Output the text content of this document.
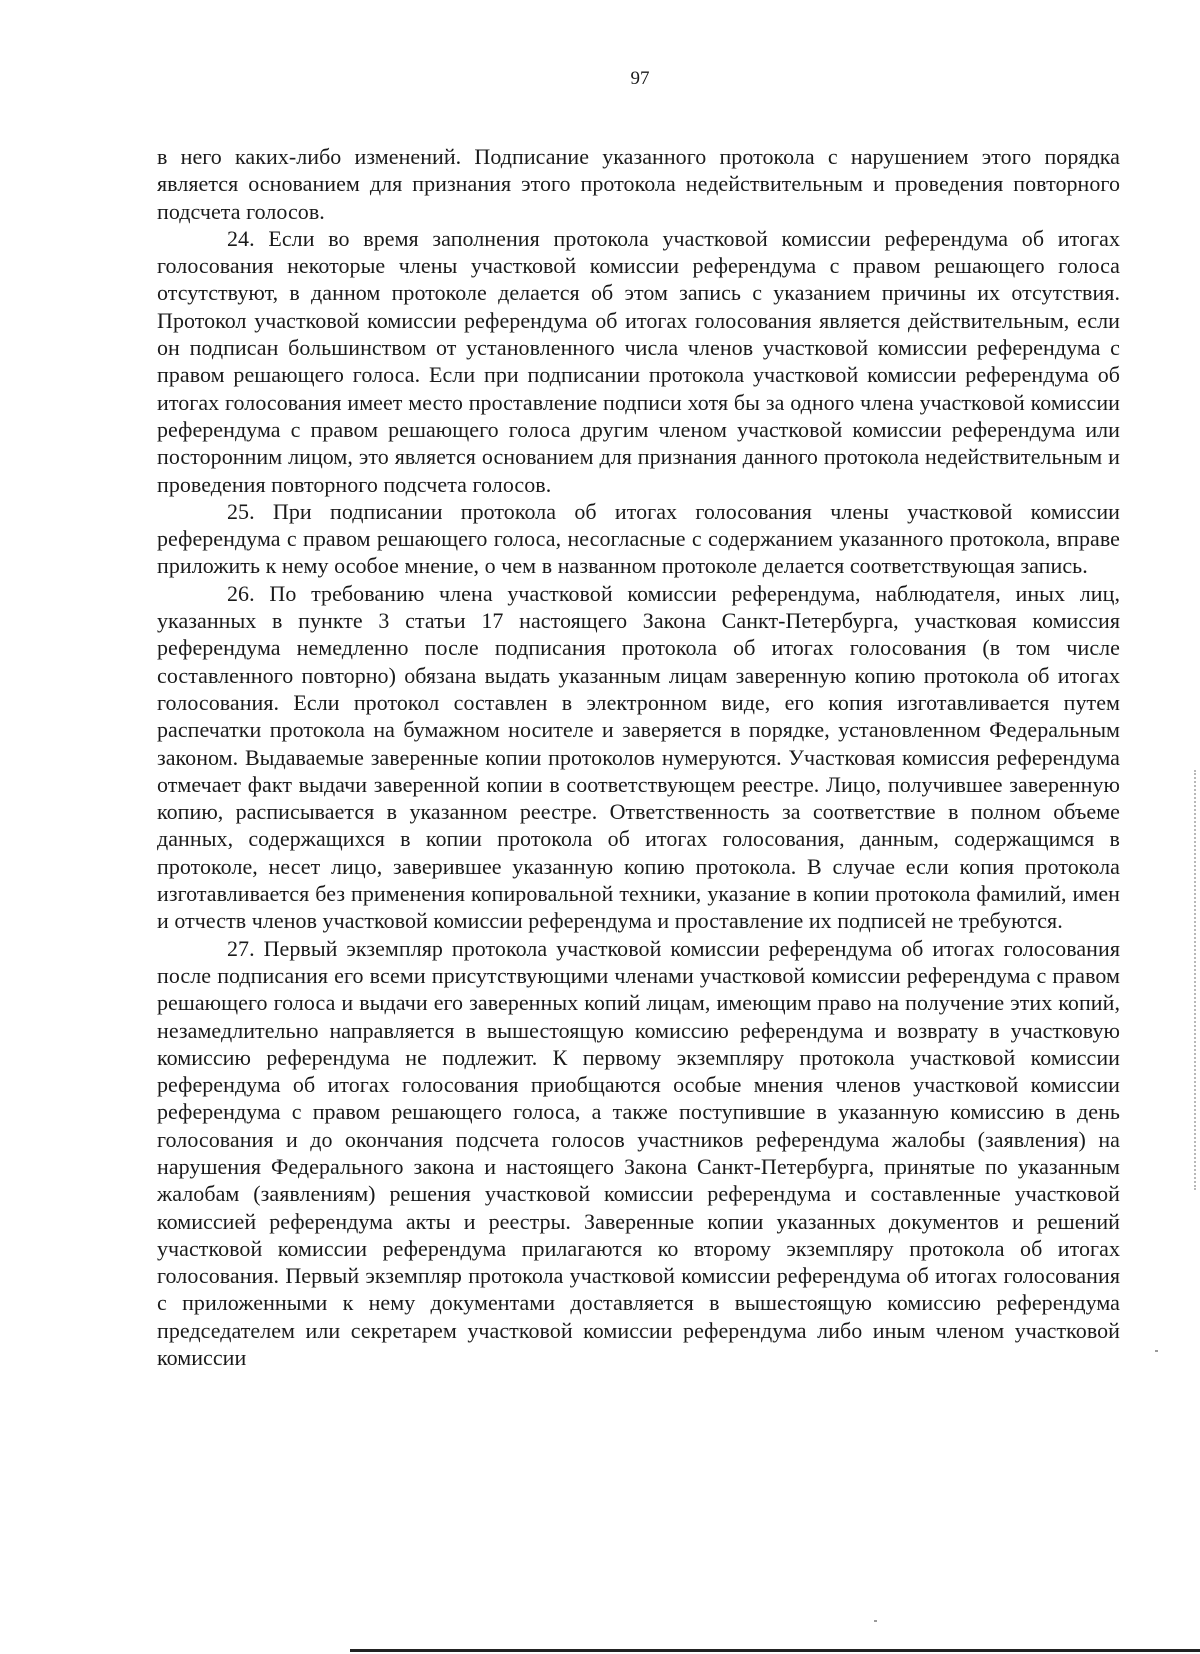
97

в него каких-либо изменений. Подписание указанного протокола с нарушением этого порядка является основанием для признания этого протокола недействительным и проведения повторного подсчета голосов.

24. Если во время заполнения протокола участковой комиссии референдума об итогах голосования некоторые члены участковой комиссии референдума с правом решающего голоса отсутствуют, в данном протоколе делается об этом запись с указанием причины их отсутствия. Протокол участковой комиссии референдума об итогах голосования является действительным, если он подписан большинством от установленного числа членов участковой комиссии референдума с правом решающего голоса. Если при подписании протокола участковой комиссии референдума об итогах голосования имеет место проставление подписи хотя бы за одного члена участковой комиссии референдума с правом решающего голоса другим членом участковой комиссии референдума или посторонним лицом, это является основанием для признания данного протокола недействительным и проведения повторного подсчета голосов.

25. При подписании протокола об итогах голосования члены участковой комиссии референдума с правом решающего голоса, несогласные с содержанием указанного протокола, вправе приложить к нему особое мнение, о чем в названном протоколе делается соответствующая запись.

26. По требованию члена участковой комиссии референдума, наблюдателя, иных лиц, указанных в пункте 3 статьи 17 настоящего Закона Санкт-Петербурга, участковая комиссия референдума немедленно после подписания протокола об итогах голосования (в том числе составленного повторно) обязана выдать указанным лицам заверенную копию протокола об итогах голосования. Если протокол составлен в электронном виде, его копия изготавливается путем распечатки протокола на бумажном носителе и заверяется в порядке, установленном Федеральным законом. Выдаваемые заверенные копии протоколов нумеруются. Участковая комиссия референдума отмечает факт выдачи заверенной копии в соответствующем реестре. Лицо, получившее заверенную копию, расписывается в указанном реестре. Ответственность за соответствие в полном объеме данных, содержащихся в копии протокола об итогах голосования, данным, содержащимся в протоколе, несет лицо, заверившее указанную копию протокола. В случае если копия протокола изготавливается без применения копировальной техники, указание в копии протокола фамилий, имен и отчеств членов участковой комиссии референдума и проставление их подписей не требуются.

27. Первый экземпляр протокола участковой комиссии референдума об итогах голосования после подписания его всеми присутствующими членами участковой комиссии референдума с правом решающего голоса и выдачи его заверенных копий лицам, имеющим право на получение этих копий, незамедлительно направляется в вышестоящую комиссию референдума и возврату в участковую комиссию референдума не подлежит. К первому экземпляру протокола участковой комиссии референдума об итогах голосования приобщаются особые мнения членов участковой комиссии референдума с правом решающего голоса, а также поступившие в указанную комиссию в день голосования и до окончания подсчета голосов участников референдума жалобы (заявления) на нарушения Федерального закона и настоящего Закона Санкт-Петербурга, принятые по указанным жалобам (заявлениям) решения участковой комиссии референдума и составленные участковой комиссией референдума акты и реестры. Заверенные копии указанных документов и решений участковой комиссии референдума прилагаются ко второму экземпляру протокола об итогах голосования. Первый экземпляр протокола участковой комиссии референдума об итогах голосования с приложенными к нему документами доставляется в вышестоящую комиссию референдума председателем или секретарем участковой комиссии референдума либо иным членом участковой комиссии
